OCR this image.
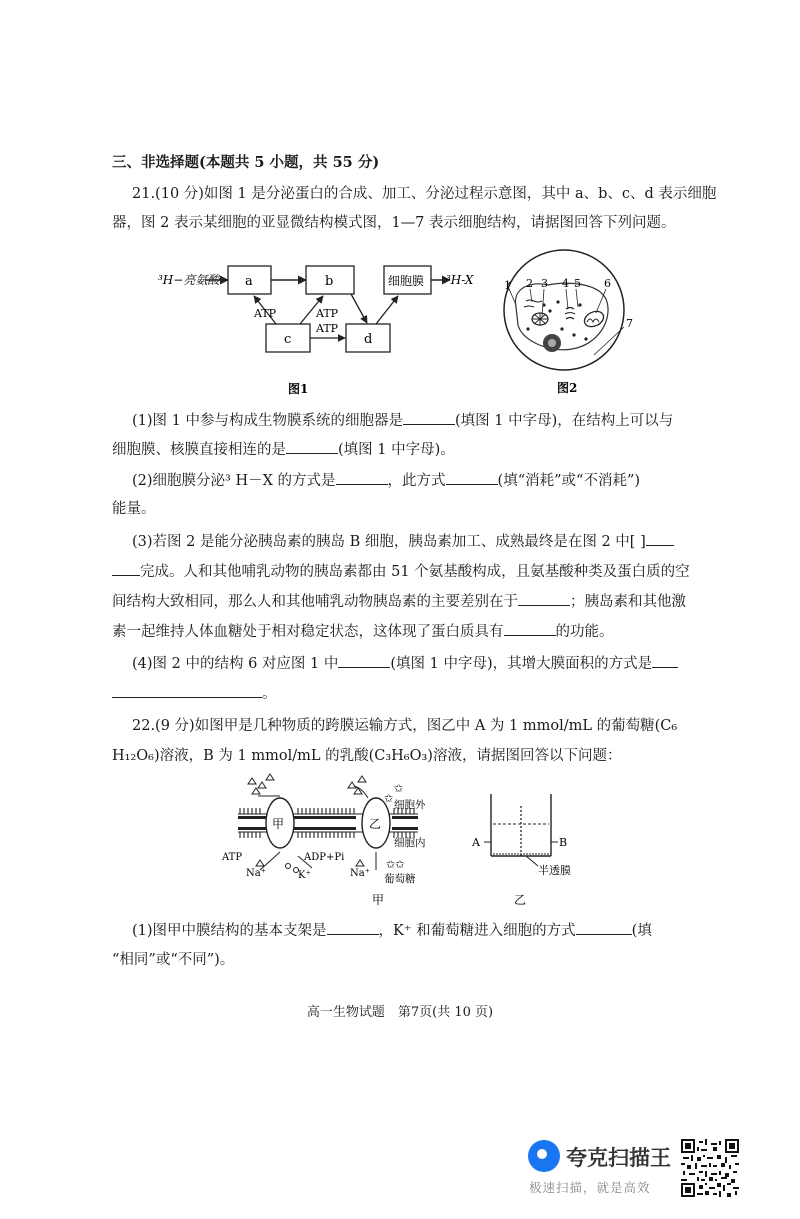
三、非选择题(本题共 5 小题，共 55 分)
21.(10 分)如图 1 是分泌蛋白的合成、加工、分泌过程示意图，其中 a、b、c、d 表示细胞
器，图 2 表示某细胞的亚显微结构模式图，1—7 表示细胞结构，请据图回答下列问题。
³H−亮氨酸 a	b	细胞膜 ³H-X
c	d
ATP	ATP
ATP
图1
1 2 3 4 5 6
7
图2
(1)图 1 中参与构成生物膜系统的细胞器是	(填图 1 中字母)，在结构上可以与
细胞膜、核膜直接相连的是	(填图 1 中字母)。
(2)细胞膜分泌³ H－X 的方式是	，此方式	(填“消耗”或“不消耗”)
能量。
(3)若图 2 是能分泌胰岛素的胰岛 B 细胞，胰岛素加工、成熟最终是在图 2 中[ ]
完成。人和其他哺乳动物的胰岛素都由 51 个氨基酸构成，且氨基酸种类及蛋白质的空
间结构大致相同，那么人和其他哺乳动物胰岛素的主要差别在于	；胰岛素和其他激
素一起维持人体血糖处于相对稳定状态，这体现了蛋白质具有	的功能。
(4)图 2 中的结构 6 对应图 1 中	(填图 1 中字母)，其增大膜面积的方式是
。
22.(9 分)如图甲是几种物质的跨膜运输方式，图乙中 A 为 1 mmol/mL 的葡萄糖(C₆
H₁₂O₆)溶液，B 为 1 mmol/mL 的乳酸(C₃H₆O₃)溶液，请据图回答以下问题：
甲	乙
✩
✩ 细胞外
细胞内
ATP	ADP+Pi
Na⁺	K⁺	Na⁺
✩✩
葡萄糖
甲
A	B
半透膜
乙
(1)图甲中膜结构的基本支架是	，K⁺ 和葡萄糖进入细胞的方式	(填
“相同”或“不同”)。
高一生物试题　第7页(共 10 页)
夸克扫描王
极速扫描，就是高效
